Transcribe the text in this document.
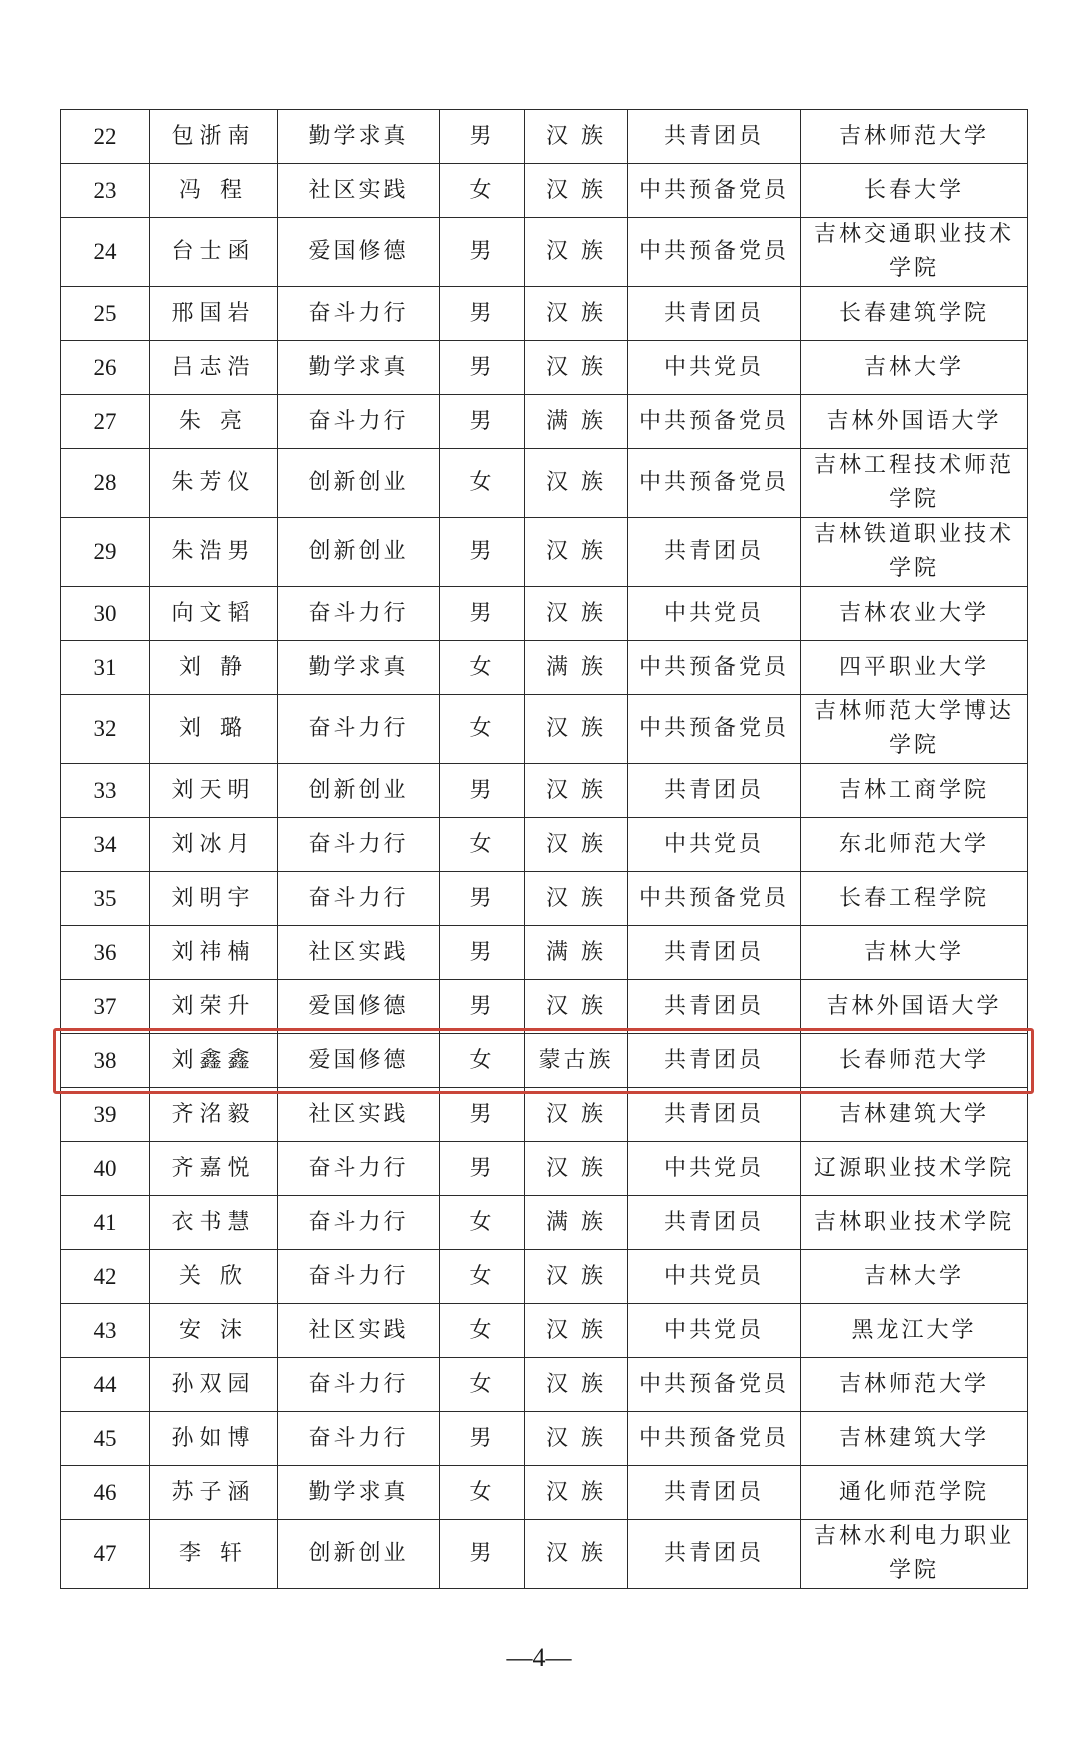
22	包浙南	勤学求真	男	汉 族	共青团员	吉林师范大学
23	冯 程	社区实践	女	汉 族	中共预备党员	长春大学
24	台士函	爱国修德	男	汉 族	中共预备党员	吉林交通职业技术学院
25	邢国岩	奋斗力行	男	汉 族	共青团员	长春建筑学院
26	吕志浩	勤学求真	男	汉 族	中共党员	吉林大学
27	朱 亮	奋斗力行	男	满 族	中共预备党员	吉林外国语大学
28	朱芳仪	创新创业	女	汉 族	中共预备党员	吉林工程技术师范学院
29	朱浩男	创新创业	男	汉 族	共青团员	吉林铁道职业技术学院
30	向文韬	奋斗力行	男	汉 族	中共党员	吉林农业大学
31	刘 静	勤学求真	女	满 族	中共预备党员	四平职业大学
32	刘 璐	奋斗力行	女	汉 族	中共预备党员	吉林师范大学博达学院
33	刘天明	创新创业	男	汉 族	共青团员	吉林工商学院
34	刘冰月	奋斗力行	女	汉 族	中共党员	东北师范大学
35	刘明宇	奋斗力行	男	汉 族	中共预备党员	长春工程学院
36	刘祎楠	社区实践	男	满 族	共青团员	吉林大学
37	刘荣升	爱国修德	男	汉 族	共青团员	吉林外国语大学
38	刘鑫鑫	爱国修德	女	蒙古族	共青团员	长春师范大学
39	齐洺毅	社区实践	男	汉 族	共青团员	吉林建筑大学
40	齐嘉悦	奋斗力行	男	汉 族	中共党员	辽源职业技术学院
41	衣书慧	奋斗力行	女	满 族	共青团员	吉林职业技术学院
42	关 欣	奋斗力行	女	汉 族	中共党员	吉林大学
43	安 沫	社区实践	女	汉 族	中共党员	黑龙江大学
44	孙双园	奋斗力行	女	汉 族	中共预备党员	吉林师范大学
45	孙如博	奋斗力行	男	汉 族	中共预备党员	吉林建筑大学
46	苏子涵	勤学求真	女	汉 族	共青团员	通化师范学院
47	李 轩	创新创业	男	汉 族	共青团员	吉林水利电力职业学院
—4—
